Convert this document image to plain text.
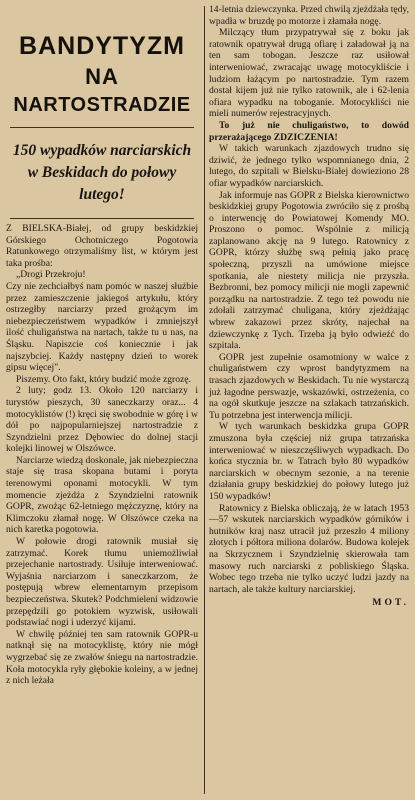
BANDYTYZM
NA
NARTOSTRADZIE
150 wypadków narciarskich w Beskidach do połowy lutego!

Z BIELSKA-Białej, od grupy beskidzkiej Górskiego Ochotniczego Pogotowia Ratunkowego otrzymaliśmy list, w którym jest taka prośba:

„Drogi Przekroju!

Czy nie zechciałbyś nam pomóc w naszej służbie przez zamieszczenie jakiegoś artykułu, który ostrzegłby narciarzy przed grożącym im niebezpieczeństwem wypadków i zmniejszył ilość chuligaństwa na nartach, także tu u nas, na Śląsku. Napiszcie coś koniecznie i jak najszybciej. Każdy następny dzień to worek gipsu więcej".

Piszemy. Oto fakt, który budzić może zgrozę.

2 luty; godz 13. Około 120 narciarzy i turystów pieszych, 30 saneczkarzy oraz... 4 motocyklistów (!) kręci się swobodnie w górę i w dół po najpopularniejszej nartostradzie z Szyndzielni przez Dębowiec do dolnej stacji kolejki linowej w Olszówce.

Narciarze wiedzą doskonale, jak niebezpieczna staje się trasa skopana butami i poryta terenowymi oponami motocykli. W tym momencie zjeżdża z Szyndzielni ratownik GOPR, zwożąc 62-letniego mężczyznę, który na Klimczoku złamał nogę. W Olszówce czeka na nich karetka pogotowia.

W połowie drogi ratownik musiał się zatrzymać. Korek tłumu uniemożliwiał przejechanie nartostrady. Usiłuje interweniować. Wyjaśnia narciarzom i saneczkarzom, że postępują wbrew elementarnym przepisom bezpieczeństwa. Skutek? Podchmieleni widzowie przepędzili go potokiem wyzwisk, usiłowali podstawiać nogi i uderzyć kijami.

W chwilę później ten sam ratownik GOPR-u natknął się na motocyklistę, który nie mógł wygrzebać się ze zwałów śniegu na nartostradzie. Koła motocykla ryły głębokie koleiny, a w jednej z nich leżała

14-letnia dziewczynka. Przed chwilą zjeżdżała tędy, wpadła w bruzdę po motorze i złamała nogę.

Milczący tłum przypatrywał się z boku jak ratownik opatrywał drugą ofiarę i załadował ją na ten sam tobogan. Jeszcze raz usiłował interweniować, zwracając uwagę motocykliście i ludziom łażącym po nartostradzie. Tym razem dostał kijem już nie tylko ratownik, ale i 62-lenia ofiara wypadku na toboganie. Motocykliści nie mieli numerów rejestracyjnych.

To już nie chuligaństwo, to dowód przerażającego ZDZICZENIA!

W takich warunkach zjazdowych trudno się dziwić, że jednego tylko wspomnianego dnia, 2 lutego, do szpitali w Bielsku-Białej dowieziono 28 ofiar wypadków narciarskich.

Jak informuje nas GOPR z Bielska kierownictwo beskidzkiej grupy Pogotowia zwróciło się z prośbą o interwencję do Powiatowej Komendy MO. Proszono o pomoc. Wspólnie z milicją zaplanowano akcję na 9 lutego. Ratownicy z GOPR, którzy służbę swą pełnią jako pracę społeczną, przyszli na umówione miejsce spotkania, ale niestety milicja nie przyszła. Bezbronni, bez pomocy milicji nie mogli zapewnić porządku na nartostradzie. Z tego też powodu nie zdołali zatrzymać chuligana, który zjeżdżając wbrew zakazowi przez skróty, najechał na dziewczynkę z Tych. Trzeba ją było odwieźć do szpitala.

GOPR jest zupełnie osamotniony w walce z chuligaństwem czy wprost bandytyzmem na trasach zjazdowych w Beskidach. Tu nie wystarczą już łagodne perswazje, wskazówki, ostrzeżenia, co na ogół skutkuje jeszcze na szlakach tatrzańskich. Tu potrzebna jest interwencja milicji.

W tych warunkach beskidzka grupa GOPR zmuszona była częściej niż grupa tatrzańska interweniować w nieszczęśliwych wypadkach. Do końca stycznia br. w Tatrach było 80 wypadków narciarskich w obecnym sezonie, a na terenie działania grupy beskidzkiej do połowy lutego już 150 wypadków!

Ratownicy z Bielska obliczają, że w latach 1953—57 wskutek narciarskich wypadków górników i hutników kraj nasz utracił już przeszło 4 miliony złotych i półtora miliona dolarów. Budowa kolejek na Skrzycznem i Szyndzielnię skierowała tam masowy ruch narciarski z pobliskiego Śląska. Wobec tego trzeba nie tylko uczyć ludzi jazdy na nartach, ale także kultury narciarskiej.

MOT.
